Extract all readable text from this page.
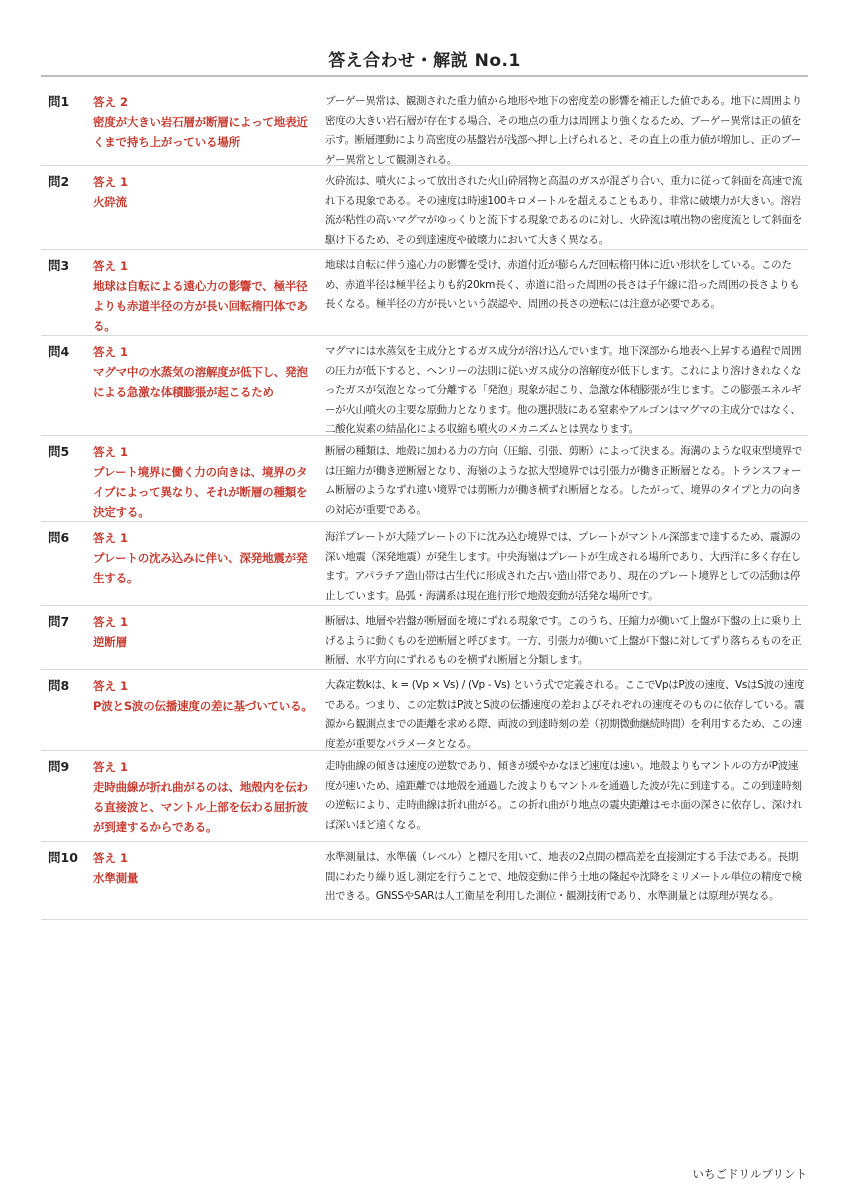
答え合わせ・解説 No.1
問1	答え 2
密度が大きい岩石層が断層によって地表近くまで持ち上がっている場所
ブーゲー異常は、観測された重力値から地形や地下の密度差の影響を補正した値である。地下に周囲より密度の大きい岩石層が存在する場合、その地点の重力は周囲より強くなるため、ブーゲー異常は正の値を示す。断層運動により高密度の基盤岩が浅部へ押し上げられると、その直上の重力値が増加し、正のブーゲー異常として観測される。
問2	答え 1
火砕流
火砕流は、噴火によって放出された火山砕屑物と高温のガスが混ざり合い、重力に従って斜面を高速で流れ下る現象である。その速度は時速100キロメートルを超えることもあり、非常に破壊力が大きい。溶岩流が粘性の高いマグマがゆっくりと流下する現象であるのに対し、火砕流は噴出物の密度流として斜面を駆け下るため、その到達速度や破壊力において大きく異なる。
問3	答え 1
地球は自転による遠心力の影響で、極半径よりも赤道半径の方が長い回転楕円体である。
地球は自転に伴う遠心力の影響を受け、赤道付近が膨らんだ回転楕円体に近い形状をしている。このため、赤道半径は極半径よりも約20km長く、赤道に沿った周囲の長さは子午線に沿った周囲の長さよりも長くなる。極半径の方が長いという誤認や、周囲の長さの逆転には注意が必要である。
問4	答え 1
マグマ中の水蒸気の溶解度が低下し、発泡による急激な体積膨張が起こるため
マグマには水蒸気を主成分とするガス成分が溶け込んでいます。地下深部から地表へ上昇する過程で周囲の圧力が低下すると、ヘンリーの法則に従いガス成分の溶解度が低下します。これにより溶けきれなくなったガスが気泡となって分離する「発泡」現象が起こり、急激な体積膨張が生じます。この膨張エネルギーが火山噴火の主要な原動力となります。他の選択肢にある窒素やアルゴンはマグマの主成分ではなく、二酸化炭素の結晶化による収縮も噴火のメカニズムとは異なります。
問5	答え 1
プレート境界に働く力の向きは、境界のタイプによって異なり、それが断層の種類を決定する。
断層の種類は、地殻に加わる力の方向（圧縮、引張、剪断）によって決まる。海溝のような収束型境界では圧縮力が働き逆断層となり、海嶺のような拡大型境界では引張力が働き正断層となる。トランスフォーム断層のようなずれ違い境界では剪断力が働き横ずれ断層となる。したがって、境界のタイプと力の向きの対応が重要である。
問6	答え 1
プレートの沈み込みに伴い、深発地震が発生する。
海洋プレートが大陸プレートの下に沈み込む境界では、プレートがマントル深部まで達するため、震源の深い地震（深発地震）が発生します。中央海嶺はプレートが生成される場所であり、大西洋に多く存在します。アパラチア造山帯は古生代に形成された古い造山帯であり、現在のプレート境界としての活動は停止しています。島弧・海溝系は現在進行形で地殻変動が活発な場所です。
問7	答え 1
逆断層
断層は、地層や岩盤が断層面を境にずれる現象です。このうち、圧縮力が働いて上盤が下盤の上に乗り上げるように動くものを逆断層と呼びます。一方、引張力が働いて上盤が下盤に対してずり落ちるものを正断層、水平方向にずれるものを横ずれ断層と分類します。
問8	答え 1
P波とS波の伝播速度の差に基づいている。
大森定数kは、k = (Vp × Vs) / (Vp - Vs) という式で定義される。ここでVpはP波の速度、VsはS波の速度である。つまり、この定数はP波とS波の伝播速度の差およびそれぞれの速度そのものに依存している。震源から観測点までの距離を求める際、両波の到達時刻の差（初期微動継続時間）を利用するため、この速度差が重要なパラメータとなる。
問9	答え 1
走時曲線が折れ曲がるのは、地殻内を伝わる直接波と、マントル上部を伝わる屈折波が到達するからである。
走時曲線の傾きは速度の逆数であり、傾きが緩やかなほど速度は速い。地殻よりもマントルの方がP波速度が速いため、遠距離では地殻を通過した波よりもマントルを通過した波が先に到達する。この到達時刻の逆転により、走時曲線は折れ曲がる。この折れ曲がり地点の震央距離はモホ面の深さに依存し、深ければ深いほど遠くなる。
問10	答え 1
水準測量
水準測量は、水準儀（レベル）と標尺を用いて、地表の2点間の標高差を直接測定する手法である。長期間にわたり繰り返し測定を行うことで、地殻変動に伴う土地の隆起や沈降をミリメートル単位の精度で検出できる。GNSSやSARは人工衛星を利用した測位・観測技術であり、水準測量とは原理が異なる。
いちごドリルプリント
